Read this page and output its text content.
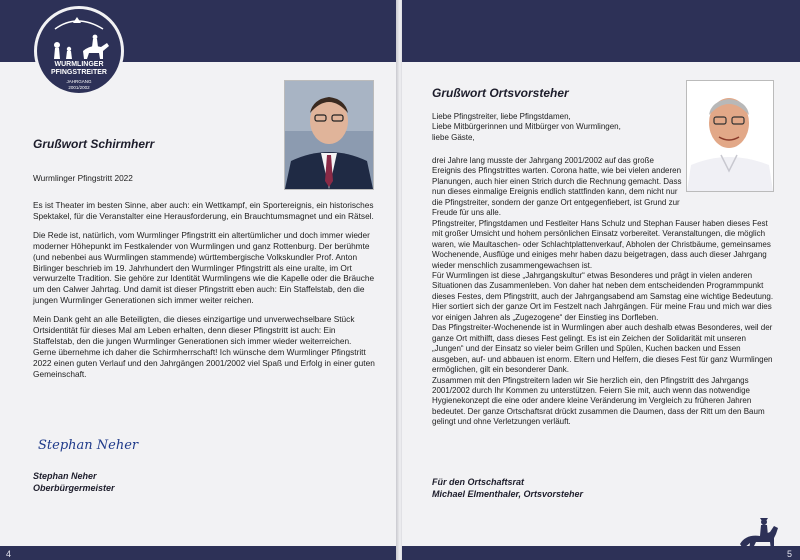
4
WURMLINGER
PFINGSTREITER
JAHRGANG
2001/2002
Grußwort Schirmherr
Wurmlinger Pfingstritt 2022

Es ist Theater im besten Sinne, aber auch: ein Wettkampf, ein Sportereignis, ein historisches Spektakel, für die Veranstalter eine Herausforderung, ein Brauchtumsmagnet und ein Rätsel.

Die Rede ist, natürlich, vom Wurmlinger Pfingstritt ein altertümlicher und doch immer wieder moderner Höhepunkt im Festkalender von Wurmlingen und ganz Rottenburg. Der berühmte (und nebenbei aus Wurmlingen stammende) württembergische Volkskundler Prof. Anton Birlinger beschrieb im 19. Jahrhundert den Wurmlinger Pfingstritt als eine uralte, im Ort verwurzelte Tradition. Sie gehöre zur Identität Wurmlingens wie die Kapelle oder die Bräuche um den Calwer Jahrtag. Und damit ist dieser Pfingstritt eben auch: Ein Staffelstab, den die jungen Wurmlinger Generationen sich immer weiter reichen.

Mein Dank geht an alle Beteiligten, die dieses einzigartige und unverwechselbare Stück Ortsidentität für dieses Mal am Leben erhalten, denn dieser Pfingstritt ist auch: Ein Staffelstab, den die jungen Wurmlinger Generationen sich immer wieder weiterreichen. Gerne übernehme ich daher die Schirmherrschaft! Ich wünsche dem Wurmlinger Pfingstritt 2022 einen guten Verlauf und den Jahrgängen 2001/2002 viel Spaß und Erfolg in einer guten Gemeinschaft.

Stephan Neher
Stephan Neher
Oberbürgermeister
5
Grußwort Ortsvorsteher
Liebe Pfingstreiter, liebe Pfingstdamen,
Liebe Mitbürgerinnen und Mitbürger von Wurmlingen,
liebe Gäste,

drei Jahre lang musste der Jahrgang 2001/2002 auf das große Ereignis des Pfingstrittes warten. Corona hatte, wie bei vielen anderen Planungen, auch hier einen Strich durch die Rechnung gemacht. Dass nun dieses einmalige Ereignis endlich stattfinden kann, dem nicht nur die Pfingstreiter, sondern der ganze Ort entgegenfiebert, ist Grund zur Freude für uns alle.

Pfingstreiter, Pfingstdamen und Festleiter Hans Schulz und Stephan Fauser haben dieses Fest mit großer Umsicht und hohem persönlichen Einsatz vorbereitet. Veranstaltungen, die möglich waren, wie Maultaschen- oder Schlachtplattenverkauf, Abholen der Christbäume, gemeinsames Wochenende, Ausflüge und einiges mehr haben dazu beigetragen, dass auch dieser Jahrgang wieder menschlich zusammengewachsen ist.

Für Wurmlingen ist diese „Jahrgangskultur“ etwas Besonderes und prägt in vielen anderen Situationen das Zusammenleben. Von daher hat neben dem entscheidenden Programmpunkt dieses Festes, dem Pfingstritt, auch der Jahrgangsabend am Samstag eine wichtige Bedeutung. Hier sortiert sich der ganze Ort im Festzelt nach Jahrgängen. Für meine Frau und mich war dies vor einigen Jahren als „Zugezogene“ der Einstieg ins Dorfleben.

Das Pfingstreiter-Wochenende ist in Wurmlingen aber auch deshalb etwas Besonderes, weil der ganze Ort mithilft, dass dieses Fest gelingt. Es ist ein Zeichen der Solidarität mit unseren „Jungen“ und der Einsatz so vieler beim Grillen und Spülen, Kuchen backen und Essen ausgeben, auf- und abbauen ist enorm. Eltern und Helfern, die dieses Fest für ganz Wurmlingen ermöglichen, gilt ein besonderer Dank.

Zusammen mit den Pfingstreitern laden wir Sie herzlich ein, den Pfingstritt des Jahrgangs 2001/2002 durch Ihr Kommen zu unterstützen. Feiern Sie mit, auch wenn das notwendige Hygienekonzept die eine oder andere kleine Veränderung im Vergleich zu früheren Jahren bedeutet. Der ganze Ortschaftsrat drückt zusammen die Daumen, dass der Ritt um den Baum gelingt und ohne Verletzungen verläuft.

Für den Ortschaftsrat
Michael Elmenthaler, Ortsvorsteher
